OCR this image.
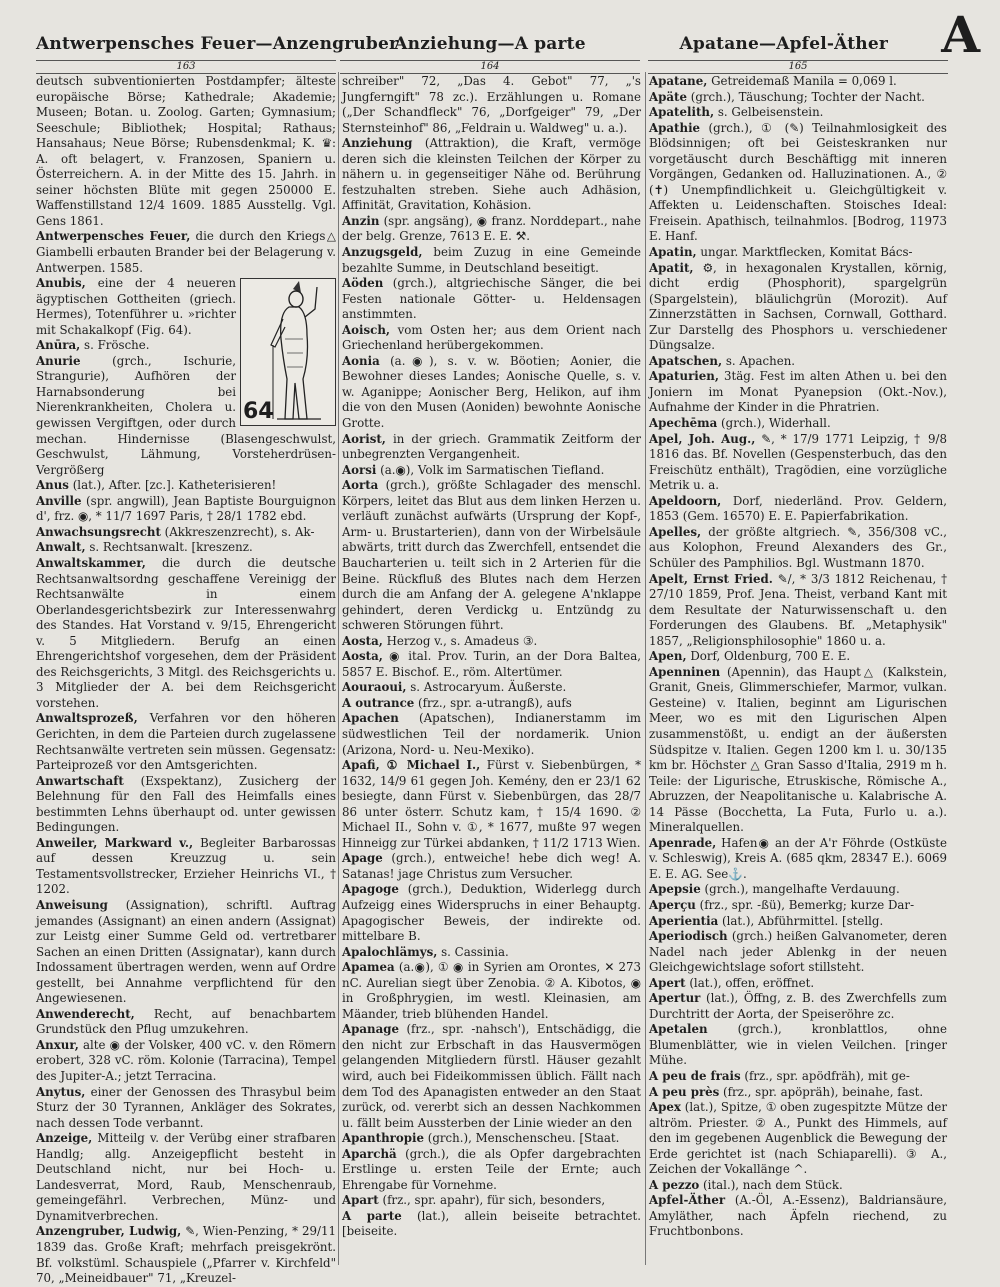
Antwerpensches Feuer—Anzengruber
Anziehung—A parte	Apatane—Apfel-Äther A
163	164	165

deutsch subventionierten Postdampfer; älteste europäische Börse; Kathedrale; Akademie; Museen; Botan. u. Zoolog. Garten; Gymnasium; Seeschule; Bibliothek; Hospital; Rathaus; Hansahaus; Neue Börse; Rubensdenkmal; K. ♛: A. oft belagert, v. Franzosen, Spaniern u. Österreichern. A. in der Mitte des 15. Jahrh. in seiner höchsten Blüte mit gegen 250000 E. Waffenstillstand 12/4 1609. 1885 Ausstellg. Vgl. Gens 1861.

Antwerpensches Feuer, die durch den Kriegs△ Giambelli erbauten Brander bei der Belagerung v. Antwerpen. 1585.

64
Anubis, eine der 4 neueren ägyptischen Gottheiten (griech. Hermes), Totenführer u. »richter mit Schakalkopf (Fig. 64).

Anūra, s. Frösche.

Anurie (grch., Ischurie, Strangurie), Aufhören der Harnabsonderung bei Nierenkrankheiten, Cholera u. gewissen Vergiftgen, oder durch mechan. Hindernisse (Blasengeschwulst, Geschwulst, Lähmung, Vorsteherdrüsen-Vergrößerg

Anus (lat.), After. [zc.]. Katheterisieren!

Anville (spr. angwill), Jean Baptiste Bourguignon d', frz. ◉, * 11/7 1697 Paris, † 28/1 1782 ebd.

Anwachsungsrecht (Akkreszenzrecht), s. Ak-

Anwalt, s. Rechtsanwalt. [kreszenz.

Anwaltskammer, die durch die deutsche Rechtsanwaltsordng geschaffene Vereinigg der Rechtsanwälte in einem Oberlandesgerichtsbezirk zur Interessenwahrg des Standes. Hat Vorstand v. 9/15, Ehrengericht v. 5 Mitgliedern. Berufg an einen Ehrengerichtshof vorgesehen, dem der Präsident des Reichsgerichts, 3 Mitgl. des Reichsgerichts u. 3 Mitglieder der A. bei dem Reichsgericht vorstehen.

Anwaltsprozeß, Verfahren vor den höheren Gerichten, in dem die Parteien durch zugelassene Rechtsanwälte vertreten sein müssen. Gegensatz: Parteiprozeß vor den Amtsgerichten.

Anwartschaft (Exspektanz), Zusicherg der Belehnung für den Fall des Heimfalls eines bestimmten Lehns überhaupt od. unter gewissen Bedingungen.

Anweiler, Markward v., Begleiter Barbarossas auf dessen Kreuzzug u. sein Testamentsvollstrecker, Erzieher Heinrichs VI., † 1202.

Anweisung (Assignation), schriftl. Auftrag jemandes (Assignant) an einen andern (Assignat) zur Leistg einer Summe Geld od. vertretbarer Sachen an einen Dritten (Assignatar), kann durch Indossament übertragen werden, wenn auf Ordre gestellt, bei Annahme verpflichtend für den Angewiesenen.

Anwenderecht, Recht, auf benachbartem Grundstück den Pflug umzukehren.

Anxur, alte ◉ der Volsker, 400 vC. v. den Römern erobert, 328 vC. röm. Kolonie (Tarracina), Tempel des Jupiter-A.; jetzt Terracina.

Anytus, einer der Genossen des Thrasybul beim Sturz der 30 Tyrannen, Ankläger des Sokrates, nach dessen Tode verbannt.

Anzeige, Mitteilg v. der Verübg einer strafbaren Handlg; allg. Anzeigepflicht besteht in Deutschland nicht, nur bei Hoch- u. Landesverrat, Mord, Raub, Menschenraub, gemeingefährl. Verbrechen, Münz- und Dynamitverbrechen.

Anzengruber, Ludwig, ✎, Wien-Penzing, * 29/11 1839 das. Große Kraft; mehrfach preisgekrönt. Bf. volkstüml. Schauspiele („Pfarrer v. Kirchfeld" 70, „Meineidbauer" 71, „Kreuzel-

schreiber" 72, „Das 4. Gebot" 77, „'s Jungferngift" 78 zc.). Erzählungen u. Romane („Der Schandfleck" 76, „Dorfgeiger" 79, „Der Sternsteinhof" 86, „Feldrain u. Waldweg" u. a.).

Anziehung (Attraktion), die Kraft, vermöge deren sich die kleinsten Teilchen der Körper zu nähern u. in gegenseitiger Nähe od. Berührung festzuhalten streben. Siehe auch Adhäsion, Affinität, Gravitation, Kohäsion.

Anzin (spr. angsäng), ◉ franz. Norddepart., nahe der belg. Grenze, 7613 E. E. ⚒.

Anzugsgeld, beim Zuzug in eine Gemeinde bezahlte Summe, in Deutschland beseitigt.

Aöden (grch.), altgriechische Sänger, die bei Festen nationale Götter- u. Heldensagen anstimmten.

Aoisch, vom Osten her; aus dem Orient nach Griechenland herübergekommen.

Aonia (a.◉), s. v. w. Böotien; Aonier, die Bewohner dieses Landes; Aonische Quelle, s. v. w. Aganippe; Aonischer Berg, Helikon, auf ihm die von den Musen (Aoniden) bewohnte Aonische Grotte.

Aorist, in der griech. Grammatik Zeitform der unbegrenzten Vergangenheit.

Aorsi (a.◉), Volk im Sarmatischen Tiefland.

Aorta (grch.), größte Schlagader des menschl. Körpers, leitet das Blut aus dem linken Herzen u. verläuft zunächst aufwärts (Ursprung der Kopf-, Arm- u. Brustarterien), dann von der Wirbelsäule abwärts, tritt durch das Zwerchfell, entsendet die Baucharterien u. teilt sich in 2 Arterien für die Beine. Rückfluß des Blutes nach dem Herzen durch die am Anfang der A. gelegene A'nklappe gehindert, deren Verdickg u. Entzündg zu schweren Störungen führt.

Aosta, Herzog v., s. Amadeus ③.

Aosta, ◉ ital. Prov. Turin, an der Dora Baltea, 5857 E. Bischof. E., röm. Altertümer.

Aouraoui, s. Astrocaryum. Äußerste.

A outrance (frz., spr. a-utrangß), aufs

Apachen (Apatschen), Indianerstamm im südwestlichen Teil der nordamerik. Union (Arizona, Nord- u. Neu-Mexiko).

Apafi, ① Michael I., Fürst v. Siebenbürgen, * 1632, 14/9 61 gegen Joh. Kemény, den er 23/1 62 besiegte, dann Fürst v. Siebenbürgen, das 28/7 86 unter österr. Schutz kam, † 15/4 1690. ② Michael II., Sohn v. ①, * 1677, mußte 97 wegen Hinneigg zur Türkei abdanken, † 11/2 1713 Wien.

Apage (grch.), entweiche! hebe dich weg! A. Satanas! jage Christus zum Versucher.

Apagoge (grch.), Deduktion, Widerlegg durch Aufzeigg eines Widerspruchs in einer Behauptg. Apagogischer Beweis, der indirekte od. mittelbare B.

Apalochlämys, s. Cassinia.

Apamea (a.◉), ① ◉ in Syrien am Orontes, ✕ 273 nC. Aurelian siegt über Zenobia. ② A. Kibotos, ◉ in Großphrygien, im westl. Kleinasien, am Mäander, trieb blühenden Handel.

Apanage (frz., spr. -nahsch'), Entschädigg, die den nicht zur Erbschaft in das Hausvermögen gelangenden Mitgliedern fürstl. Häuser gezahlt wird, auch bei Fideikommissen üblich. Fällt nach dem Tod des Apanagisten entweder an den Staat zurück, od. vererbt sich an dessen Nachkommen u. fällt beim Aussterben der Linie wieder an den

Apanthropie (grch.), Menschenscheu. [Staat.

Aparchä (grch.), die als Opfer dargebrachten Erstlinge u. ersten Teile der Ernte; auch Ehrengabe für Vornehme.

Apart (frz., spr. apahr), für sich, besonders,

A parte (lat.), allein beiseite betrachtet. [beiseite.

Apatane, Getreidemaß Manila = 0,069 l.

Apäte (grch.), Täuschung; Tochter der Nacht.

Apatelith, s. Gelbeisenstein.

Apathie (grch.), ① (✎) Teilnahmlosigkeit des Blödsinnigen; oft bei Geisteskranken nur vorgetäuscht durch Beschäftigg mit inneren Vorgängen, Gedanken od. Halluzinationen. A., ② (✝) Unempfindlichkeit u. Gleichgültigkeit v. Affekten u. Leidenschaften. Stoisches Ideal: Freisein. Apathisch, teilnahmlos. [Bodrog, 11973 E. Hanf.

Apatin, ungar. Marktflecken, Komitat Bács-

Apatit, ⚙, in hexagonalen Krystallen, körnig, dicht erdig (Phosphorit), spargelgrün (Spargelstein), bläulichgrün (Morozit). Auf Zinnerzstätten in Sachsen, Cornwall, Gotthard. Zur Darstellg des Phosphors u. verschiedener Düngsalze.

Apatschen, s. Apachen.

Apaturien, 3täg. Fest im alten Athen u. bei den Joniern im Monat Pyanepsion (Okt.-Nov.), Aufnahme der Kinder in die Phratrien.

Apechēma (grch.), Widerhall.

Apel, Joh. Aug., ✎, * 17/9 1771 Leipzig, † 9/8 1816 das. Bf. Novellen (Gespensterbuch, das den Freischütz enthält), Tragödien, eine vorzügliche Metrik u. a.

Apeldoorn, Dorf, niederländ. Prov. Geldern, 1853 (Gem. 16570) E. E. Papierfabrikation.

Apelles, der größte altgriech. ✎, 356/308 vC., aus Kolophon, Freund Alexanders des Gr., Schüler des Pamphilios. Bgl. Wustmann 1870.

Apelt, Ernst Fried. ✎/, * 3/3 1812 Reichenau, † 27/10 1859, Prof. Jena. Theist, verband Kant mit dem Resultate der Naturwissenschaft u. den Forderungen des Glaubens. Bf. „Metaphysik" 1857, „Religionsphilosophie" 1860 u. a.

Apen, Dorf, Oldenburg, 700 E. E.

Apenninen (Apennin), das Haupt△ (Kalkstein, Granit, Gneis, Glimmerschiefer, Marmor, vulkan. Gesteine) v. Italien, beginnt am Ligurischen Meer, wo es mit den Ligurischen Alpen zusammenstößt, u. endigt an der äußersten Südspitze v. Italien. Gegen 1200 km l. u. 30/135 km br. Höchster △ Gran Sasso d'Italia, 2919 m h. Teile: der Ligurische, Etruskische, Römische A., Abruzzen, der Neapolitanische u. Kalabrische A. 14 Pässe (Bocchetta, La Futa, Furlo u. a.). Mineralquellen.

Apenrade, Hafen◉ an der A'r Föhrde (Ostküste v. Schleswig), Kreis A. (685 qkm, 28347 E.). 6069 E. E. AG. See⚓.

Apepsie (grch.), mangelhafte Verdauung.

Aperçu (frz., spr. -ßü), Bemerkg; kurze Dar-

Aperientia (lat.), Abführmittel. [stellg.

Aperiodisch (grch.) heißen Galvanometer, deren Nadel nach jeder Ablenkg in der neuen Gleichgewichtslage sofort stillsteht.

Apert (lat.), offen, eröffnet.

Apertur (lat.), Öffng, z. B. des Zwerchfells zum Durchtritt der Aorta, der Speiseröhre zc.

Apetalen (grch.), kronblattlos, ohne Blumenblätter, wie in vielen Veilchen. [ringer Mühe.

A peu de frais (frz., spr. apödfräh), mit ge-

A peu près (frz., spr. apöpräh), beinahe, fast.

Apex (lat.), Spitze, ① oben zugespitzte Mütze der altröm. Priester. ② A., Punkt des Himmels, auf den im gegebenen Augenblick die Bewegung der Erde gerichtet ist (nach Schiaparelli). ③ A., Zeichen der Vokallänge ^.

A pezzo (ital.), nach dem Stück.

Apfel-Äther (A.-Öl, A.-Essenz), Baldriansäure, Amyläther, nach Äpfeln riechend, zu Fruchtbonbons.
